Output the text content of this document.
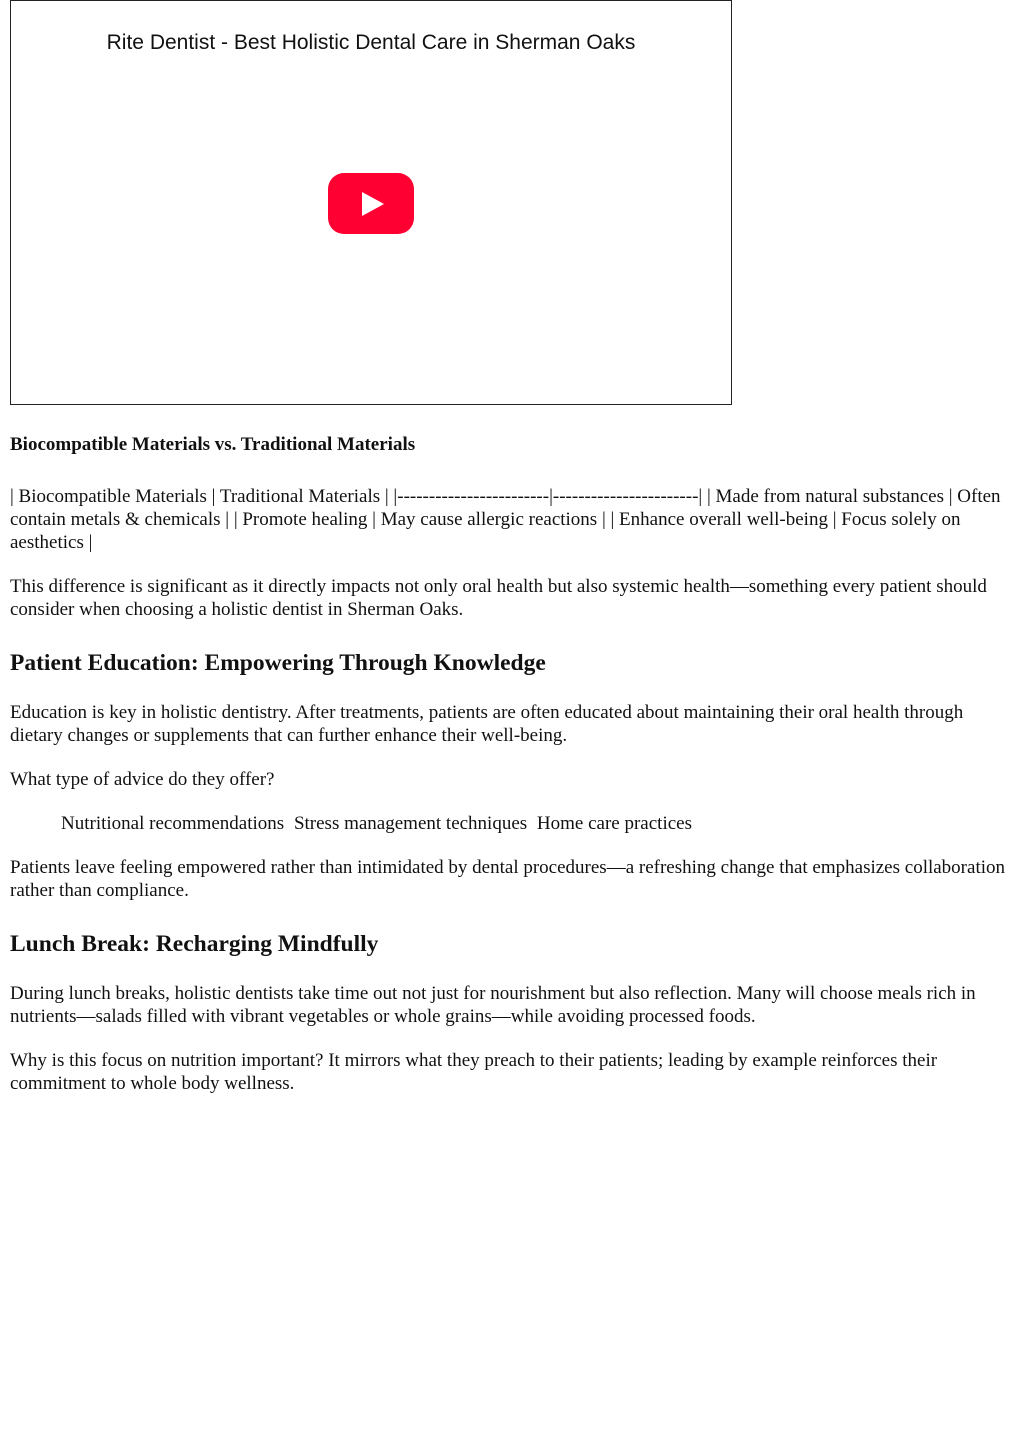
Rite Dentist - Best Holistic Dental Care in Sherman Oaks
Biocompatible Materials vs. Traditional Materials

| Biocompatible Materials | Traditional Materials | |------------------------|-----------------------| | Made from natural substances | Often contain metals & chemicals | | Promote healing | May cause allergic reactions | | Enhance overall well-being | Focus solely on aesthetics |

This difference is significant as it directly impacts not only oral health but also systemic health—something every patient should consider when choosing a holistic dentist in Sherman Oaks.

Patient Education: Empowering Through Knowledge

Education is key in holistic dentistry. After treatments, patients are often educated about maintaining their oral health through dietary changes or supplements that can further enhance their well-being.

What type of advice do they offer?

Nutritional recommendations Stress management techniques Home care practices

Patients leave feeling empowered rather than intimidated by dental procedures—a refreshing change that emphasizes collaboration rather than compliance.

Lunch Break: Recharging Mindfully

During lunch breaks, holistic dentists take time out not just for nourishment but also reflection. Many will choose meals rich in nutrients—salads filled with vibrant vegetables or whole grains—while avoiding processed foods.

Why is this focus on nutrition important? It mirrors what they preach to their patients; leading by example reinforces their commitment to whole body wellness.
